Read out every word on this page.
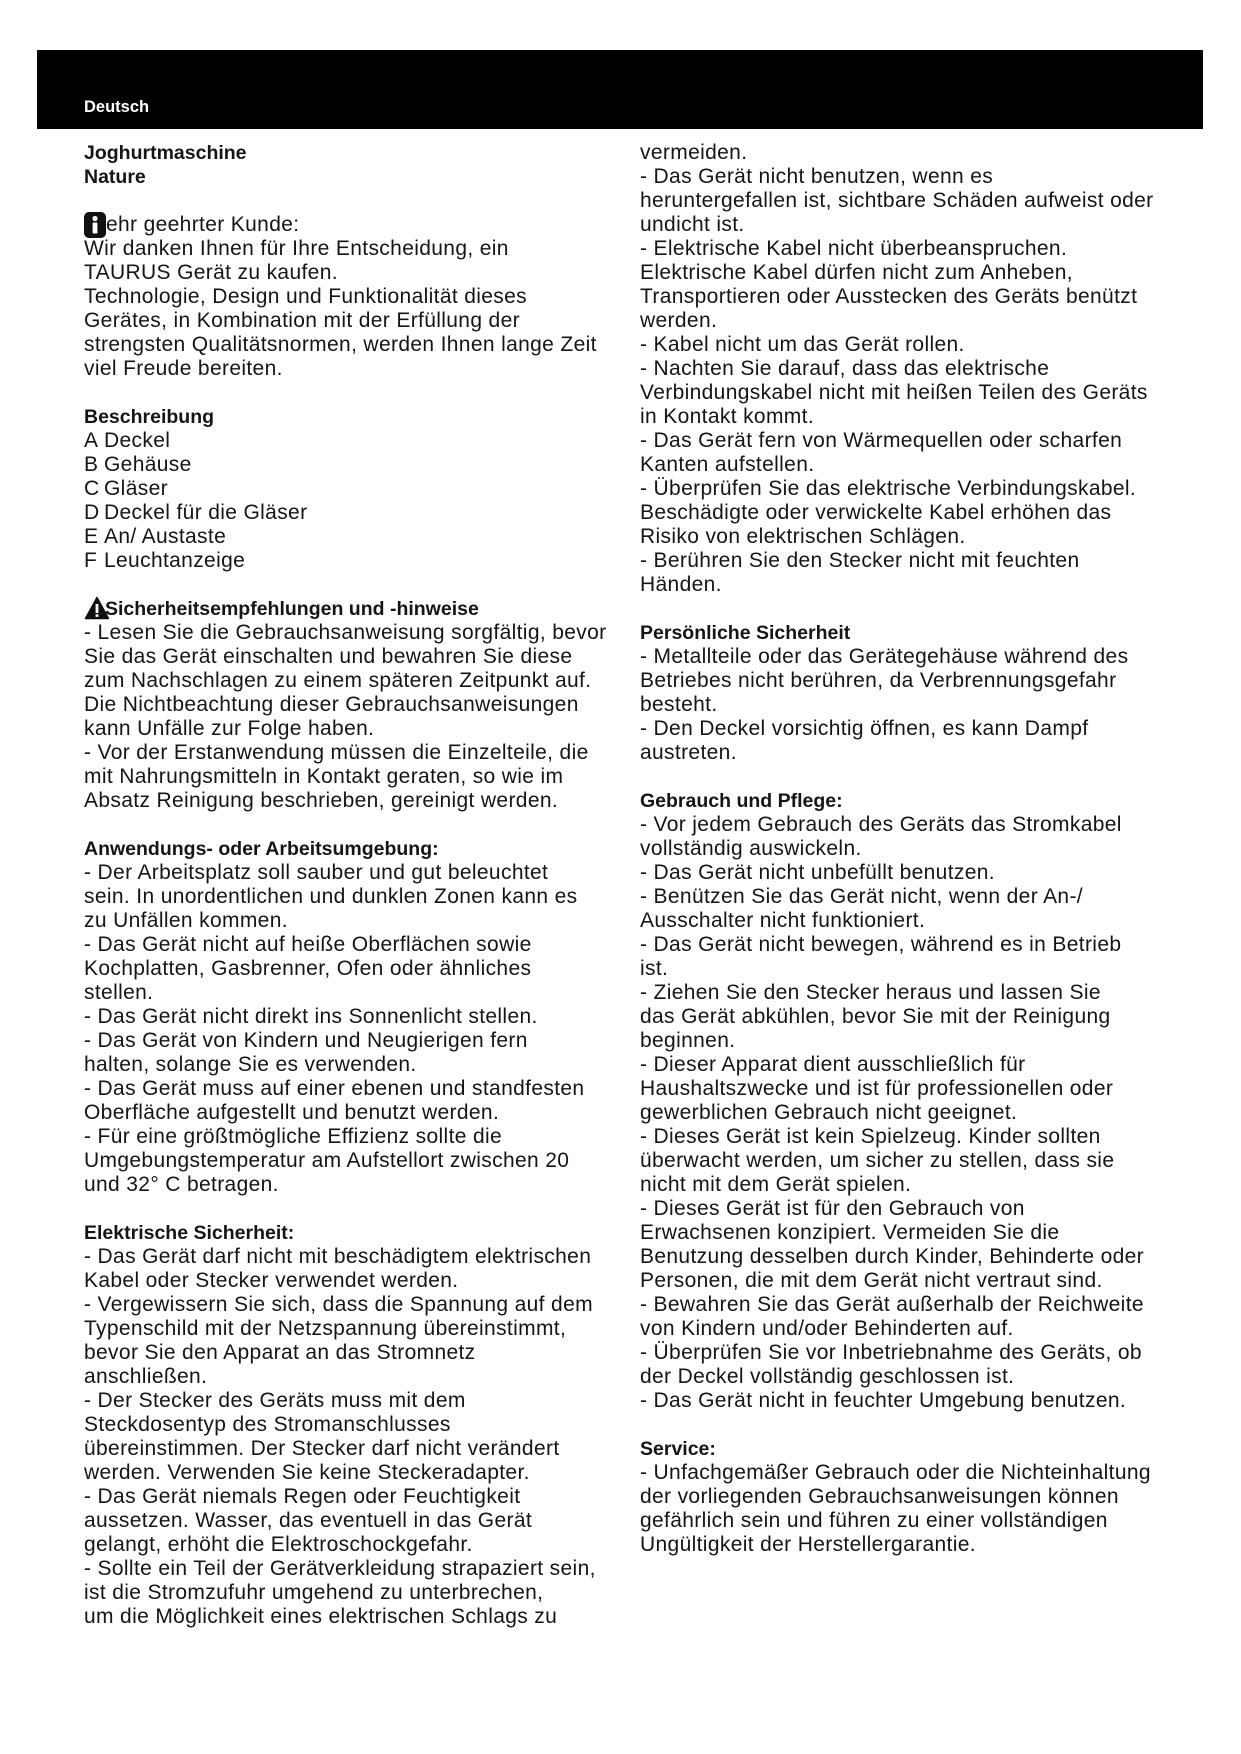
Deutsch
Joghurtmaschine
Nature
ehr geehrter Kunde:
Wir danken Ihnen für Ihre Entscheidung, ein
TAURUS Gerät zu kaufen.
Technologie, Design und Funktionalität dieses
Gerätes, in Kombination mit der Erfüllung der
strengsten Qualitätsnormen, werden Ihnen lange Zeit
viel Freude bereiten.
Beschreibung
A Deckel
B Gehäuse
C Gläser
D Deckel für die Gläser
E An/ Austaste
F Leuchtanzeige
Sicherheitsempfehlungen und -hinweise
- Lesen Sie die Gebrauchsanweisung sorgfältig, bevor
Sie das Gerät einschalten und bewahren Sie diese
zum Nachschlagen zu einem späteren Zeitpunkt auf.
Die Nichtbeachtung dieser Gebrauchsanweisungen
kann Unfälle zur Folge haben.
- Vor der Erstanwendung müssen die Einzelteile, die
mit Nahrungsmitteln in Kontakt geraten, so wie im
Absatz Reinigung beschrieben, gereinigt werden.
Anwendungs- oder Arbeitsumgebung:
- Der Arbeitsplatz soll sauber und gut beleuchtet
sein. In unordentlichen und dunklen Zonen kann es
zu Unfällen kommen.
- Das Gerät nicht auf heiße Oberflächen sowie
Kochplatten, Gasbrenner, Ofen oder ähnliches
stellen.
- Das Gerät nicht direkt ins Sonnenlicht stellen.
- Das Gerät von Kindern und Neugierigen fern
halten, solange Sie es verwenden.
- Das Gerät muss auf einer ebenen und standfesten
Oberfläche aufgestellt und benutzt werden.
- Für eine größtmögliche Effizienz sollte die
Umgebungstemperatur am Aufstellort zwischen 20
und 32° C betragen.
Elektrische Sicherheit:
- Das Gerät darf nicht mit beschädigtem elektrischen
Kabel oder Stecker verwendet werden.
- Vergewissern Sie sich, dass die Spannung auf dem
Typenschild mit der Netzspannung übereinstimmt,
bevor Sie den Apparat an das Stromnetz
anschließen.
- Der Stecker des Geräts muss mit dem
Steckdosentyp des Stromanschlusses
übereinstimmen. Der Stecker darf nicht verändert
werden. Verwenden Sie keine Steckeradapter.
- Das Gerät niemals Regen oder Feuchtigkeit
aussetzen. Wasser, das eventuell in das Gerät
gelangt, erhöht die Elektroschockgefahr.
- Sollte ein Teil der Gerätverkleidung strapaziert sein,
ist die Stromzufuhr umgehend zu unterbrechen,
um die Möglichkeit eines elektrischen Schlags zu
vermeiden.
- Das Gerät nicht benutzen, wenn es
heruntergefallen ist, sichtbare Schäden aufweist oder
undicht ist.
- Elektrische Kabel nicht überbeanspruchen.
Elektrische Kabel dürfen nicht zum Anheben,
Transportieren oder Ausstecken des Geräts benützt
werden.
- Kabel nicht um das Gerät rollen.
- Nachten Sie darauf, dass das elektrische
Verbindungskabel nicht mit heißen Teilen des Geräts
in Kontakt kommt.
- Das Gerät fern von Wärmequellen oder scharfen
Kanten aufstellen.
- Überprüfen Sie das elektrische Verbindungskabel.
Beschädigte oder verwickelte Kabel erhöhen das
Risiko von elektrischen Schlägen.
- Berühren Sie den Stecker nicht mit feuchten
Händen.
Persönliche Sicherheit
- Metallteile oder das Gerätegehäuse während des
Betriebes nicht berühren, da Verbrennungsgefahr
besteht.
- Den Deckel vorsichtig öffnen, es kann Dampf
austreten.
Gebrauch und Pflege:
- Vor jedem Gebrauch des Geräts das Stromkabel
vollständig auswickeln.
- Das Gerät nicht unbefüllt benutzen.
- Benützen Sie das Gerät nicht, wenn der An-/
Ausschalter nicht funktioniert.
- Das Gerät nicht bewegen, während es in Betrieb
ist.
- Ziehen Sie den Stecker heraus und lassen Sie
das Gerät abkühlen, bevor Sie mit der Reinigung
beginnen.
- Dieser Apparat dient ausschließlich für
Haushaltszwecke und ist für professionellen oder
gewerblichen Gebrauch nicht geeignet.
- Dieses Gerät ist kein Spielzeug. Kinder sollten
überwacht werden, um sicher zu stellen, dass sie
nicht mit dem Gerät spielen.
- Dieses Gerät ist für den Gebrauch von
Erwachsenen konzipiert. Vermeiden Sie die
Benutzung desselben durch Kinder, Behinderte oder
Personen, die mit dem Gerät nicht vertraut sind.
- Bewahren Sie das Gerät außerhalb der Reichweite
von Kindern und/oder Behinderten auf.
- Überprüfen Sie vor Inbetriebnahme des Geräts, ob
der Deckel vollständig geschlossen ist.
- Das Gerät nicht in feuchter Umgebung benutzen.
Service:
- Unfachgemäßer Gebrauch oder die Nichteinhaltung
der vorliegenden Gebrauchsanweisungen können
gefährlich sein und führen zu einer vollständigen
Ungültigkeit der Herstellergarantie.
